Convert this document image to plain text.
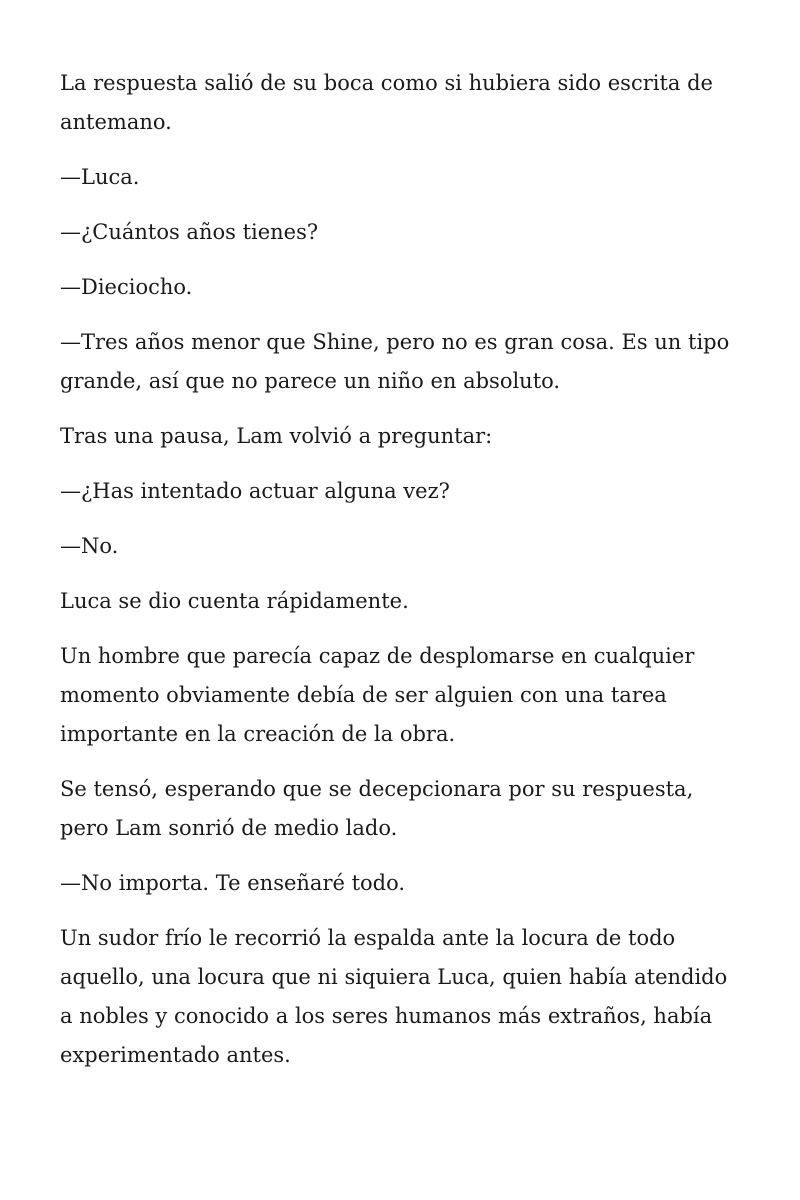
La respuesta salió de su boca como si hubiera sido escrita de antemano.

—Luca.

—¿Cuántos años tienes?

—Dieciocho.

—Tres años menor que Shine, pero no es gran cosa. Es un tipo grande, así que no parece un niño en absoluto.

Tras una pausa, Lam volvió a preguntar:

—¿Has intentado actuar alguna vez?

—No.

Luca se dio cuenta rápidamente.

Un hombre que parecía capaz de desplomarse en cualquier momento obviamente debía de ser alguien con una tarea importante en la creación de la obra.

Se tensó, esperando que se decepcionara por su respuesta, pero Lam sonrió de medio lado.

—No importa. Te enseñaré todo.

Un sudor frío le recorrió la espalda ante la locura de todo aquello, una locura que ni siquiera Luca, quien había atendido a nobles y conocido a los seres humanos más extraños, había experimentado antes.
